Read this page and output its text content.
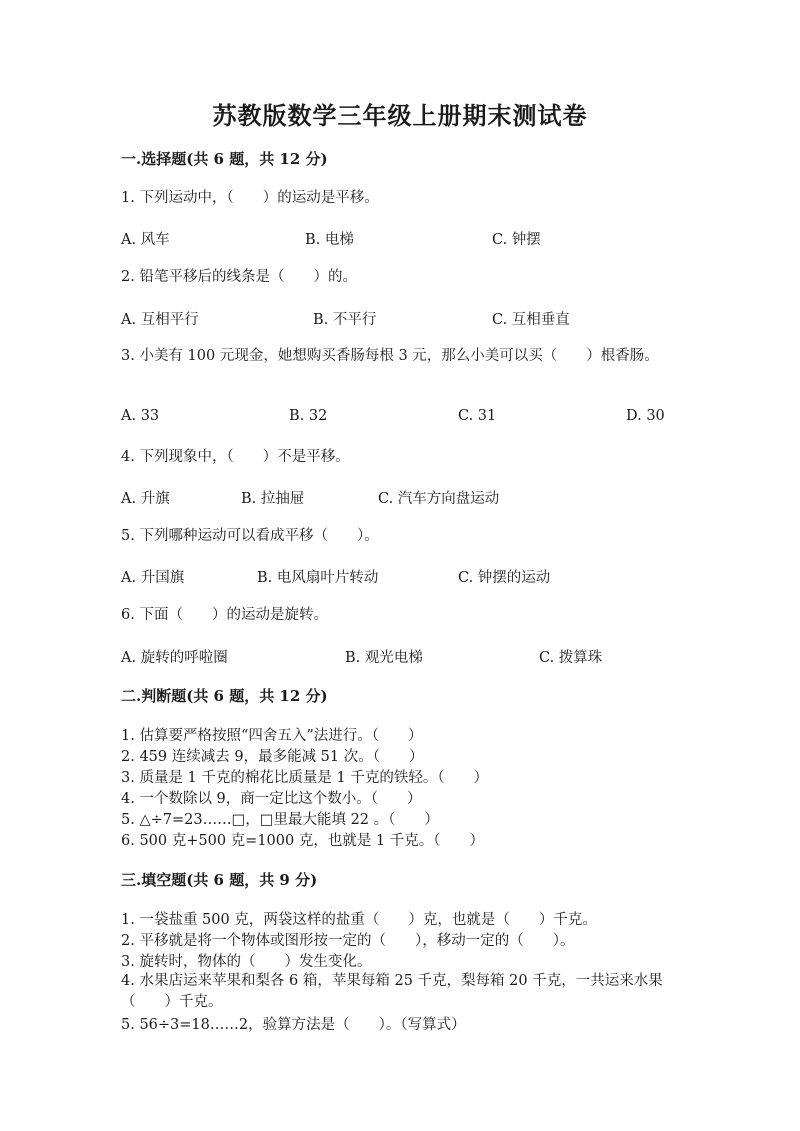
苏教版数学三年级上册期末测试卷
一.选择题(共 6 题，共 12 分)
1. 下列运动中，（　　）的运动是平移。
A. 风车	B. 电梯	C. 钟摆
2. 铅笔平移后的线条是（　　）的。
A. 互相平行	B. 不平行	C. 互相垂直
3. 小美有 100 元现金，她想购买香肠每根 3 元，那么小美可以买（　　）根香肠。
A. 33	B. 32	C. 31	D. 30
4. 下列现象中，（　　）不是平移。
A. 升旗	B. 拉抽屉	C. 汽车方向盘运动
5. 下列哪种运动可以看成平移（　　）。
A. 升国旗	B. 电风扇叶片转动	C. 钟摆的运动
6. 下面（　　）的运动是旋转。
A. 旋转的呼啦圈	B. 观光电梯	C. 拨算珠
二.判断题(共 6 题，共 12 分)
1. 估算要严格按照“四舍五入”法进行。（　　）
2. 459 连续减去 9，最多能减 51 次。（　　）
3. 质量是 1 千克的棉花比质量是 1 千克的铁轻。（　　）
4. 一个数除以 9，商一定比这个数小。（　　）
5. △÷7=23……□，□里最大能填 22 。（　　）
6. 500 克+500 克=1000 克，也就是 1 千克。（　　）
三.填空题(共 6 题，共 9 分)
1. 一袋盐重 500 克，两袋这样的盐重（　　）克，也就是（　　）千克。
2. 平移就是将一个物体或图形按一定的（　　），移动一定的（　　）。
3. 旋转时，物体的（　　）发生变化。
4. 水果店运来苹果和梨各 6 箱，苹果每箱 25 千克，梨每箱 20 千克，一共运来水果（　　）千克。
5. 56÷3=18……2，验算方法是（　　）。（写算式）
